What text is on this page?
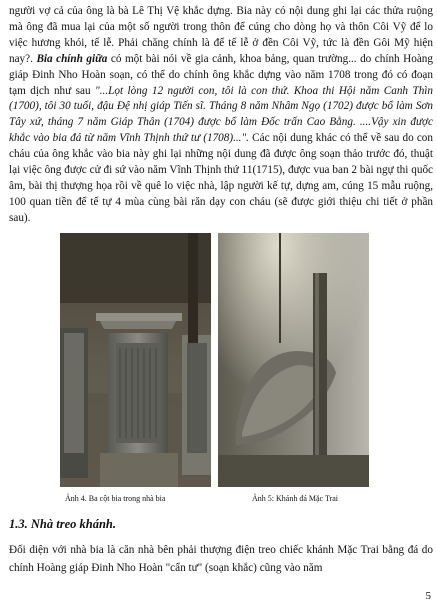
người vợ cả của ông là bà Lê Thị Vệ khắc dựng. Bia này có nội dung ghi lại các thửa ruộng mà ông đã mua lại của một số người trong thôn để cúng cho dòng họ và thôn Côi Vỹ để lo việc hương khói, tế lễ. Phải chăng chính là để tế lễ ở đền Côi Vỹ, tức là đền Gôi Mỹ hiện nay?. Bia chính giữa có một bài nói về gia cảnh, khoa bảng, quan trường... do chính Hoàng giáp Đinh Nho Hoàn soạn, có thể do chính ông khắc dựng vào năm 1708 trong đó có đoạn tạm dịch như sau "...Lọt lòng 12 người con, tôi là con thứ. Khoa thi Hội năm Canh Thìn (1700), tôi 30 tuổi, đậu Đệ nhị giáp Tiến sĩ. Tháng 8 năm Nhâm Ngọ (1702) được bổ làm Sơn Tây xứ, tháng 7 năm Giáp Thân (1704) được bổ làm Đốc trấn Cao Bằng. ....Vậy xin được khắc vào bia đá từ năm Vĩnh Thịnh thứ tư (1708)...". Các nội dung khác có thể về sau do con cháu của ông khắc vào bia này ghi lại những nội dung đã được ông soạn thảo trước đó, thuật lại việc ông được cử đi sứ vào năm Vĩnh Thịnh thứ 11(1715), được vua ban 2 bài ngự thi quốc âm, bài thị thượng họa rồi về quê lo việc nhà, lập người kế tự, dựng am, cúng 15 mẫu ruộng, 100 quan tiền để tế tự 4 mùa cùng bài răn dạy con cháu (sẽ được giới thiệu chi tiết ở phần sau).

Ảnh 4. Ba cột bia trong nhà bia	Ảnh 5: Khánh đá Mặc Trai
1.3. Nhà treo khánh.

Đối diện với nhà bia là căn nhà bên phải thượng điện treo chiếc khánh Mặc Trai bằng đá do chính Hoàng giáp Đinh Nho Hoàn "cẩn tư" (soạn khắc) cũng vào năm

5
